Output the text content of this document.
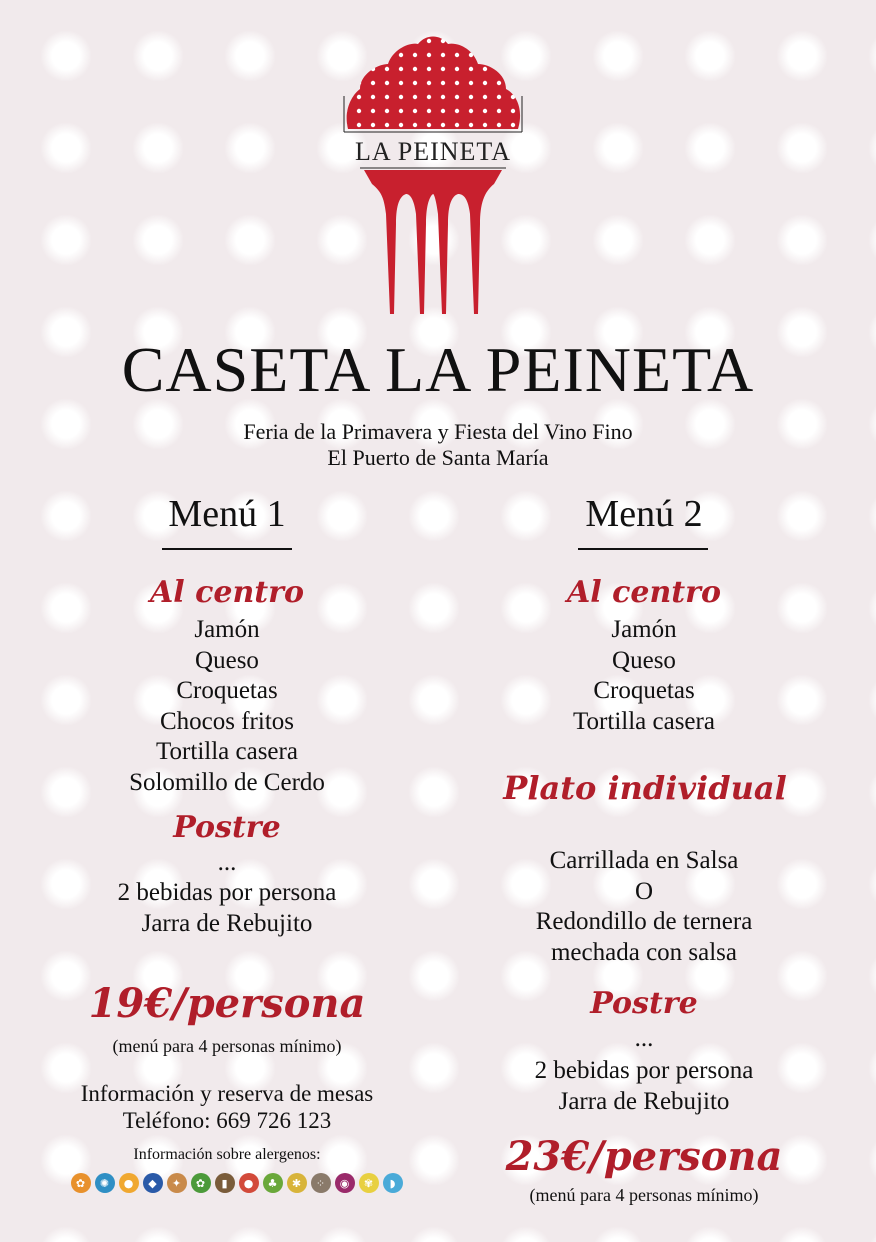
LA PEINETA
CASETA LA PEINETA
Feria de la Primavera y Fiesta del Vino Fino
El Puerto de Santa María
Menú 1
Al centro
Jamón
Queso
Croquetas
Chocos fritos
Tortilla casera
Solomillo de Cerdo
Postre
...
2 bebidas por persona
Jarra de Rebujito
19€/persona
(menú para 4 personas mínimo)
Información y reserva de mesas
Teléfono: 669 726 123
Información sobre alergenos:
✿	✺	●	◆	✦	✿	▮	●	♣	✱	⁘	◉	✾	◗
Menú 2
Al centro
Jamón
Queso
Croquetas
Tortilla casera
Plato individual
Carrillada en Salsa
O
Redondillo de ternera
mechada con salsa
Postre
...
2 bebidas por persona
Jarra de Rebujito
23€/persona
(menú para 4 personas mínimo)
